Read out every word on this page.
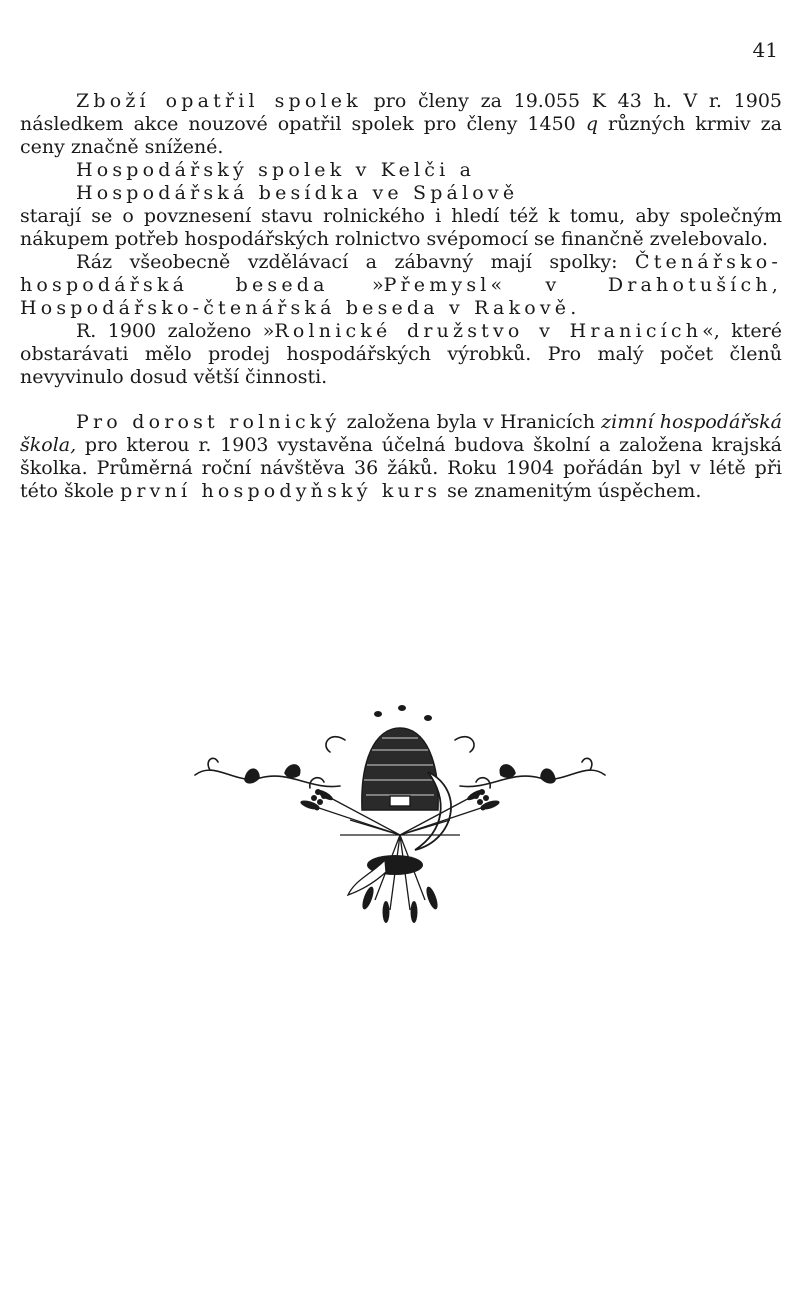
41

Zboží opatřil spolek pro členy za 19.055 K 43 h. V r. 1905 následkem akce nouzové opatřil spolek pro členy 1450 q různých krmiv za ceny značně snížené.

Hospodářský spolek v Kelči a

Hospodářská besídka ve Spálově

starají se o povznesení stavu rolnického i hledí též k tomu, aby společným nákupem potřeb hospodářských rolnictvo svépomocí se finančně zvelebovalo.

Ráz všeobecně vzdělávací a zábavný mají spolky: Čtenářsko-hospodářská beseda »Přemysl« v Drahotuších, Hospodářsko-čtenářská beseda v Rakově.

R. 1900 založeno »Rolnické družstvo v Hranicích«, které obstarávati mělo prodej hospodářských výrobků. Pro malý počet členů nevyvinulo dosud větší činnosti.

Pro dorost rolnický založena byla v Hranicích zimní hospodářská škola, pro kterou r. 1903 vystavěna účelná budova školní a založena krajská školka. Průměrná roční návštěva 36 žáků. Roku 1904 pořádán byl v létě při této škole první hospodyňský kurs se znamenitým úspěchem.
